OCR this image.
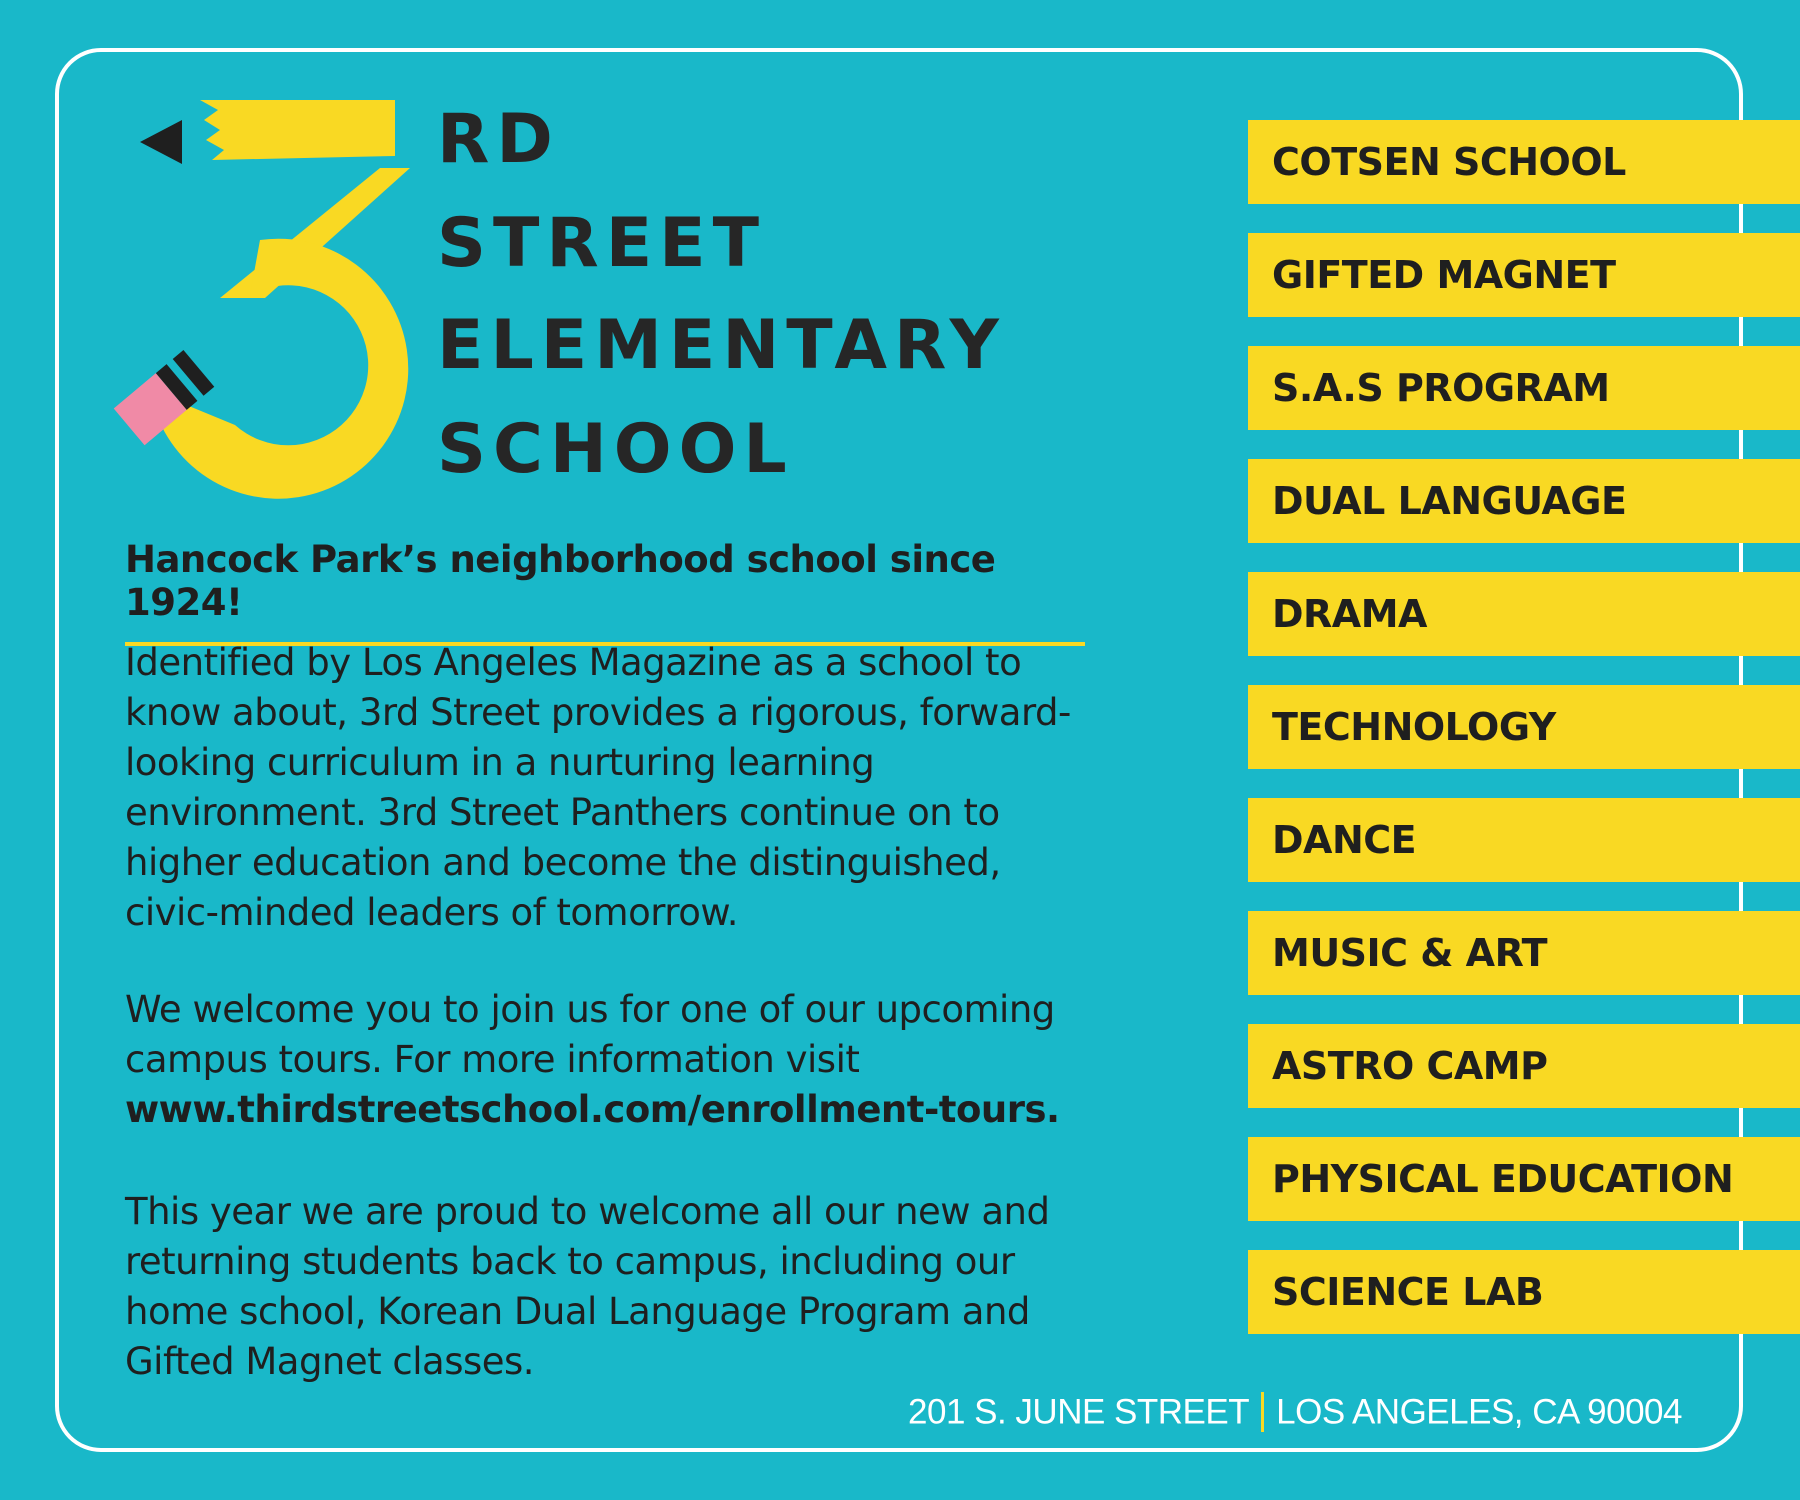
RD
STREET
ELEMENTARY
SCHOOL
Hancock Park’s neighborhood school since 1924!
Identified by Los Angeles Magazine as a school to know about, 3rd Street provides a rigorous, forward-looking curriculum in a nurturing learning environment. 3rd Street Panthers continue on to higher education and become the distinguished, civic-minded leaders of tomorrow.
We welcome you to join us for one of our upcoming campus tours. For more information visit
www.thirdstreetschool.com/enrollment-tours.
This year we are proud to welcome all our new and returning students back to campus, including our home school, Korean Dual Language Program and Gifted Magnet classes.
COTSEN SCHOOL
GIFTED MAGNET
S.A.S PROGRAM
DUAL LANGUAGE
DRAMA
TECHNOLOGY
DANCE
MUSIC & ART
ASTRO CAMP
PHYSICAL EDUCATION
SCIENCE LAB
201 S. JUNE STREET LOS ANGELES, CA 90004
